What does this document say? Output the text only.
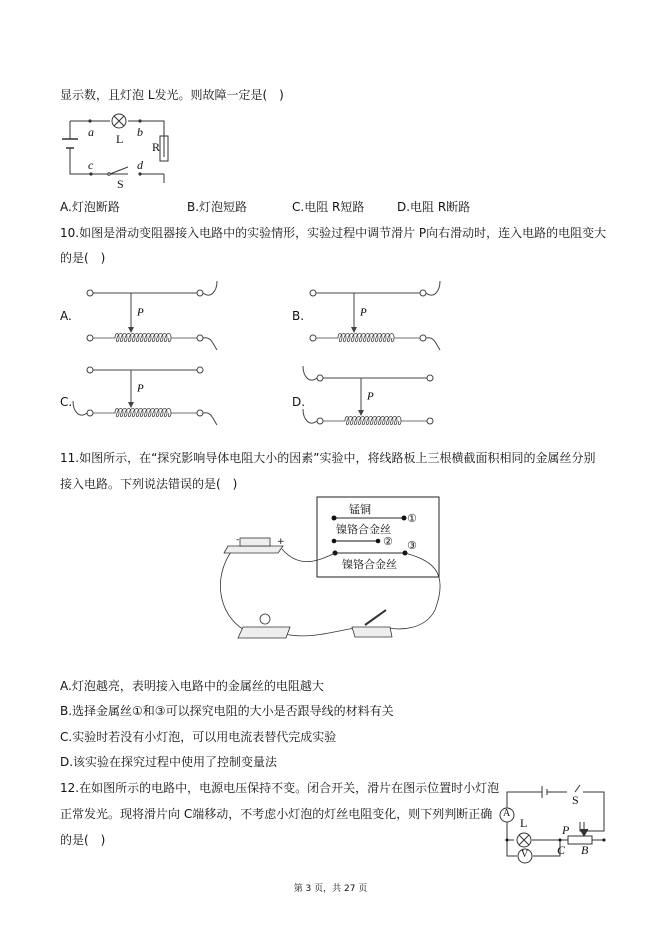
显示数，且灯泡 L发光。则故障一定是(　)
a L b
R
c	d
S
A.灯泡断路	B.灯泡短路	C.电阻 R短路	D.电阻 R断路
10.如图是滑动变阻器接入电路中的实验情形，实验过程中调节滑片 P向右滑动时，连入电路的电阻变大
的是(　)
A.	B.
C.	D.
P	P
P
P
11.如图所示，在“探究影响导体电阻大小的因素”实验中，将线路板上三根横截面积相同的金属丝分别
接入电路。下列说法错误的是(　)
锰铜
①
镍铬合金丝
② ③
镍铬合金丝
-	+
A.灯泡越亮，表明接入电路中的金属丝的电阻越大
B.选择金属丝①和③可以探究电阻的大小是否跟导线的材料有关
C.实验时若没有小灯泡，可以用电流表替代完成实验
D.该实验在探究过程中使用了控制变量法
12.在如图所示的电路中，电源电压保持不变。闭合开关，滑片在图示位置时小灯泡
正常发光。现将滑片向 C端移动，不考虑小灯泡的灯丝电阻变化，则下列判断正确
的是(　)
A
V
L
S
P
C B
第 3 页，共 27 页
